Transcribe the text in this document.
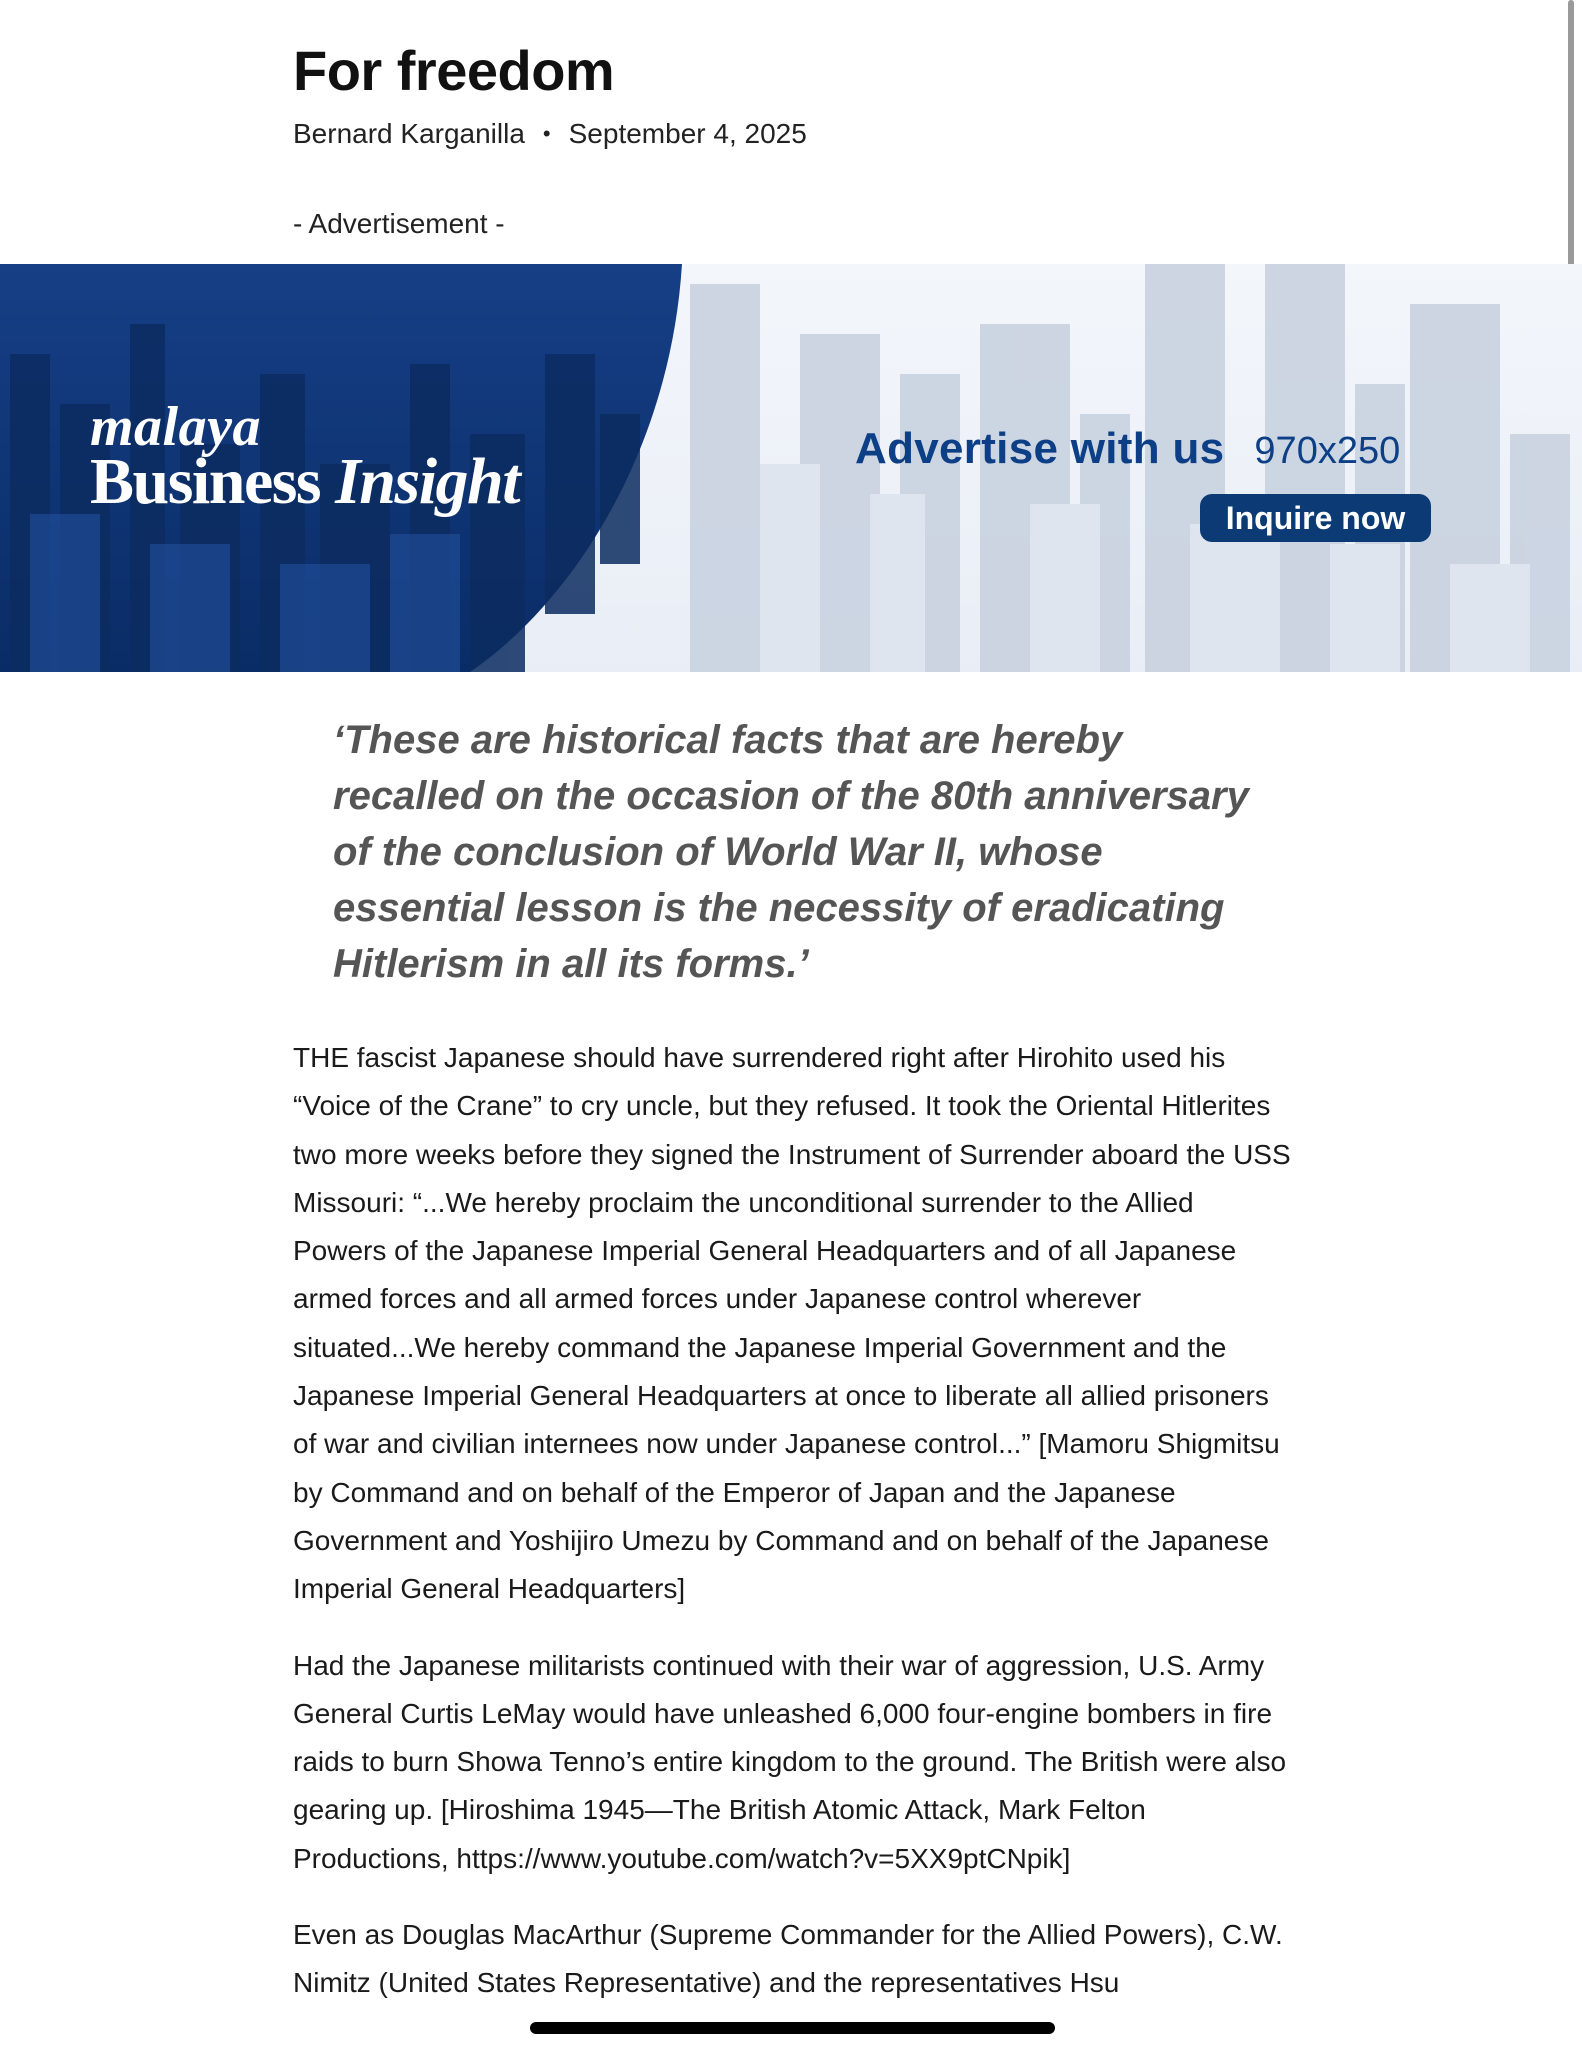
For freedom
Bernard Karganilla • September 4, 2025
- Advertisement -
malaya
Business Insight	Advertise with us 970x250
Inquire now
‘These are historical facts that are hereby recalled on the occasion of the 80th anniversary of the conclusion of World War II, whose essential lesson is the necessity of eradicating Hitlerism in all its forms.’

THE fascist Japanese should have surrendered right after Hirohito used his “Voice of the Crane” to cry uncle, but they refused. It took the Oriental Hitlerites two more weeks before they signed the Instrument of Surrender aboard the USS Missouri: “...We hereby proclaim the unconditional surrender to the Allied Powers of the Japanese Imperial General Headquarters and of all Japanese armed forces and all armed forces under Japanese control wherever situated...We hereby command the Japanese Imperial Government and the Japanese Imperial General Headquarters at once to liberate all allied prisoners of war and civilian internees now under Japanese control...” [Mamoru Shigmitsu by Command and on behalf of the Emperor of Japan and the Japanese Government and Yoshijiro Umezu by Command and on behalf of the Japanese Imperial General Headquarters]

Had the Japanese militarists continued with their war of aggression, U.S. Army General Curtis LeMay would have unleashed 6,000 four-engine bombers in fire raids to burn Showa Tenno’s entire kingdom to the ground. The British were also gearing up. [Hiroshima 1945—The British Atomic Attack, Mark Felton Productions, https://www.youtube.com/watch?v=5XX9ptCNpik]

Even as Douglas MacArthur (Supreme Commander for the Allied Powers), C.W. Nimitz (United States Representative) and the representatives Hsu
